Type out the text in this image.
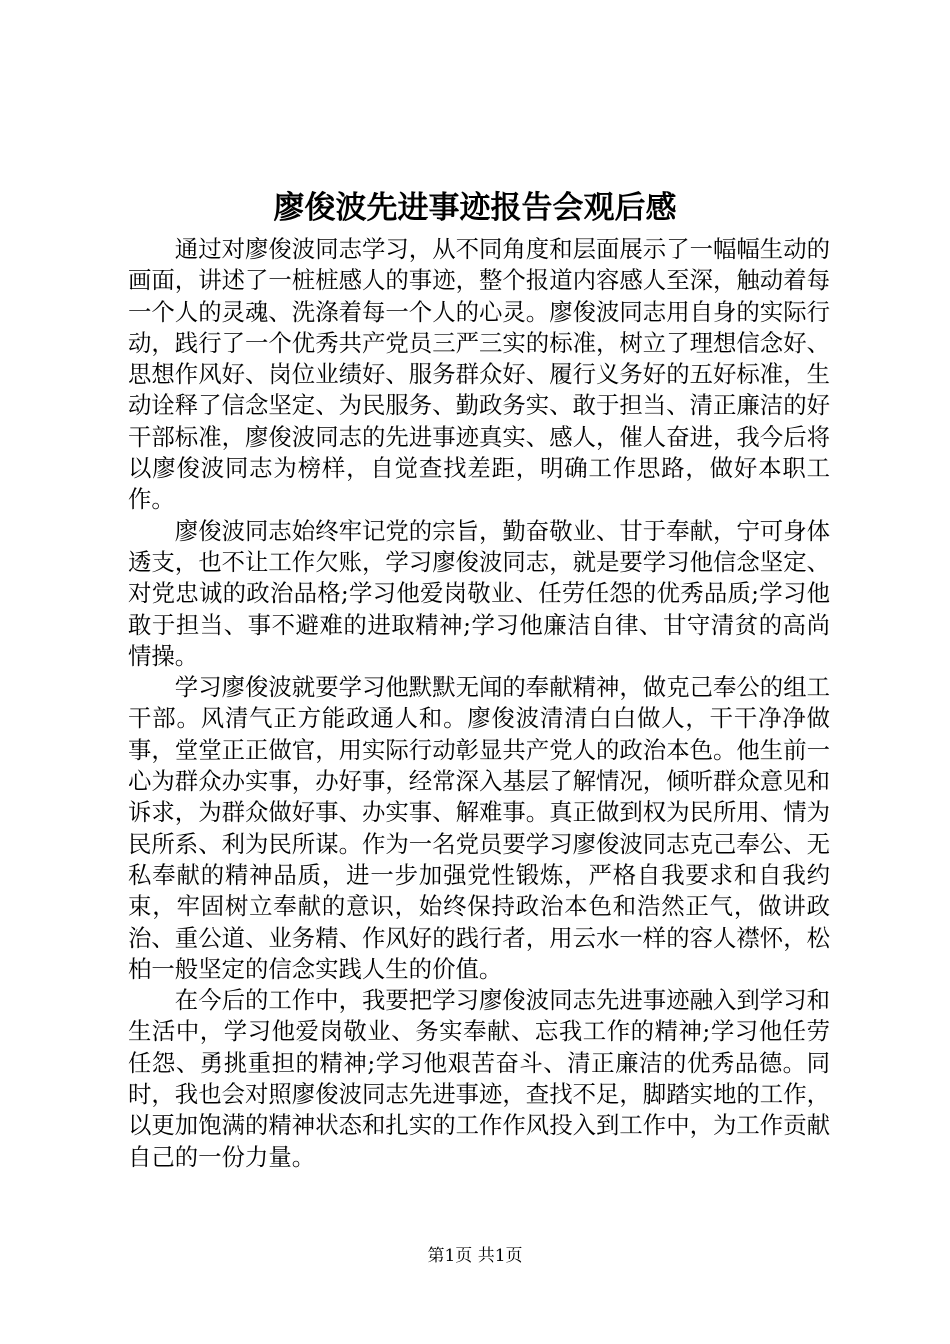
廖俊波先进事迹报告会观后感

通过对廖俊波同志学习，从不同角度和层面展示了一幅幅生动的画面，讲述了一桩桩感人的事迹，整个报道内容感人至深，触动着每一个人的灵魂、洗涤着每一个人的心灵。廖俊波同志用自身的实际行动，践行了一个优秀共产党员三严三实的标准，树立了理想信念好、思想作风好、岗位业绩好、服务群众好、履行义务好的五好标准，生动诠释了信念坚定、为民服务、勤政务实、敢于担当、清正廉洁的好干部标准，廖俊波同志的先进事迹真实、感人，催人奋进，我今后将以廖俊波同志为榜样，自觉查找差距，明确工作思路，做好本职工作。

廖俊波同志始终牢记党的宗旨，勤奋敬业、甘于奉献，宁可身体透支，也不让工作欠账，学习廖俊波同志，就是要学习他信念坚定、对党忠诚的政治品格;学习他爱岗敬业、任劳任怨的优秀品质;学习他敢于担当、事不避难的进取精神;学习他廉洁自律、甘守清贫的高尚情操。

学习廖俊波就要学习他默默无闻的奉献精神，做克己奉公的组工干部。风清气正方能政通人和。廖俊波清清白白做人，干干净净做事，堂堂正正做官，用实际行动彰显共产党人的政治本色。他生前一心为群众办实事，办好事，经常深入基层了解情况，倾听群众意见和诉求，为群众做好事、办实事、解难事。真正做到权为民所用、情为民所系、利为民所谋。作为一名党员要学习廖俊波同志克己奉公、无私奉献的精神品质，进一步加强党性锻炼，严格自我要求和自我约束，牢固树立奉献的意识，始终保持政治本色和浩然正气，做讲政治、重公道、业务精、作风好的践行者，用云水一样的容人襟怀，松柏一般坚定的信念实践人生的价值。

在今后的工作中，我要把学习廖俊波同志先进事迹融入到学习和生活中，学习他爱岗敬业、务实奉献、忘我工作的精神;学习他任劳任怨、勇挑重担的精神;学习他艰苦奋斗、清正廉洁的优秀品德。同时，我也会对照廖俊波同志先进事迹，查找不足，脚踏实地的工作，以更加饱满的精神状态和扎实的工作作风投入到工作中，为工作贡献自己的一份力量。

第1页 共1页
